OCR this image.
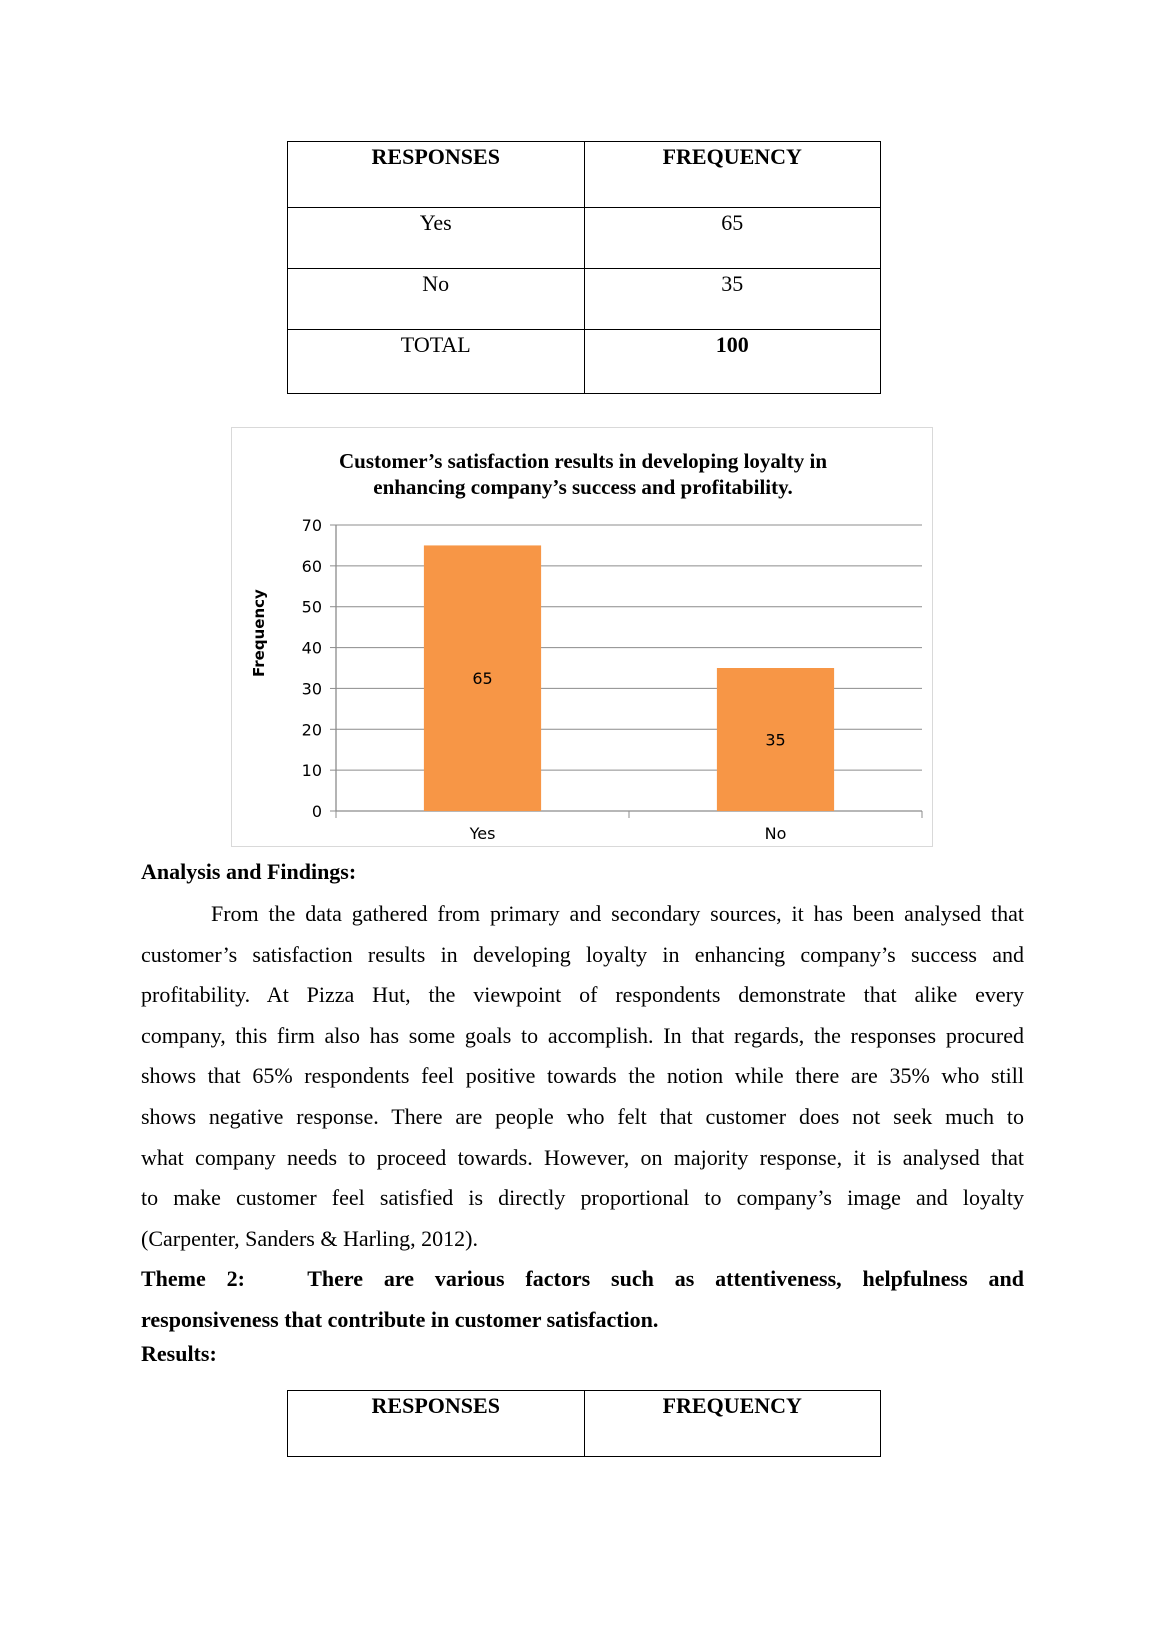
RESPONSES	FREQUENCY
Yes	65
No	35
TOTAL	100
Customer’s satisfaction results in developing loyalty in
enhancing company’s success and profitability.
0
10
20
30
40
50
60
70
65
Yes
35
No
Frequency
Analysis and Findings:
From the data gathered from primary and secondary sources, it has been analysed that
customer’s satisfaction results in developing loyalty in enhancing company’s success and
profitability. At Pizza Hut, the viewpoint of respondents demonstrate that alike every
company, this firm also has some goals to accomplish. In that regards, the responses procured
shows that 65% respondents feel positive towards the notion while there are 35% who still
shows negative response. There are people who felt that customer does not seek much to
what company needs to proceed towards. However, on majority response, it is analysed that
to make customer feel satisfied is directly proportional to company’s image and loyalty
(Carpenter, Sanders & Harling, 2012).
Theme 2:   There are various factors such as attentiveness, helpfulness and
responsiveness that contribute in customer satisfaction.
Results:
RESPONSES	FREQUENCY
